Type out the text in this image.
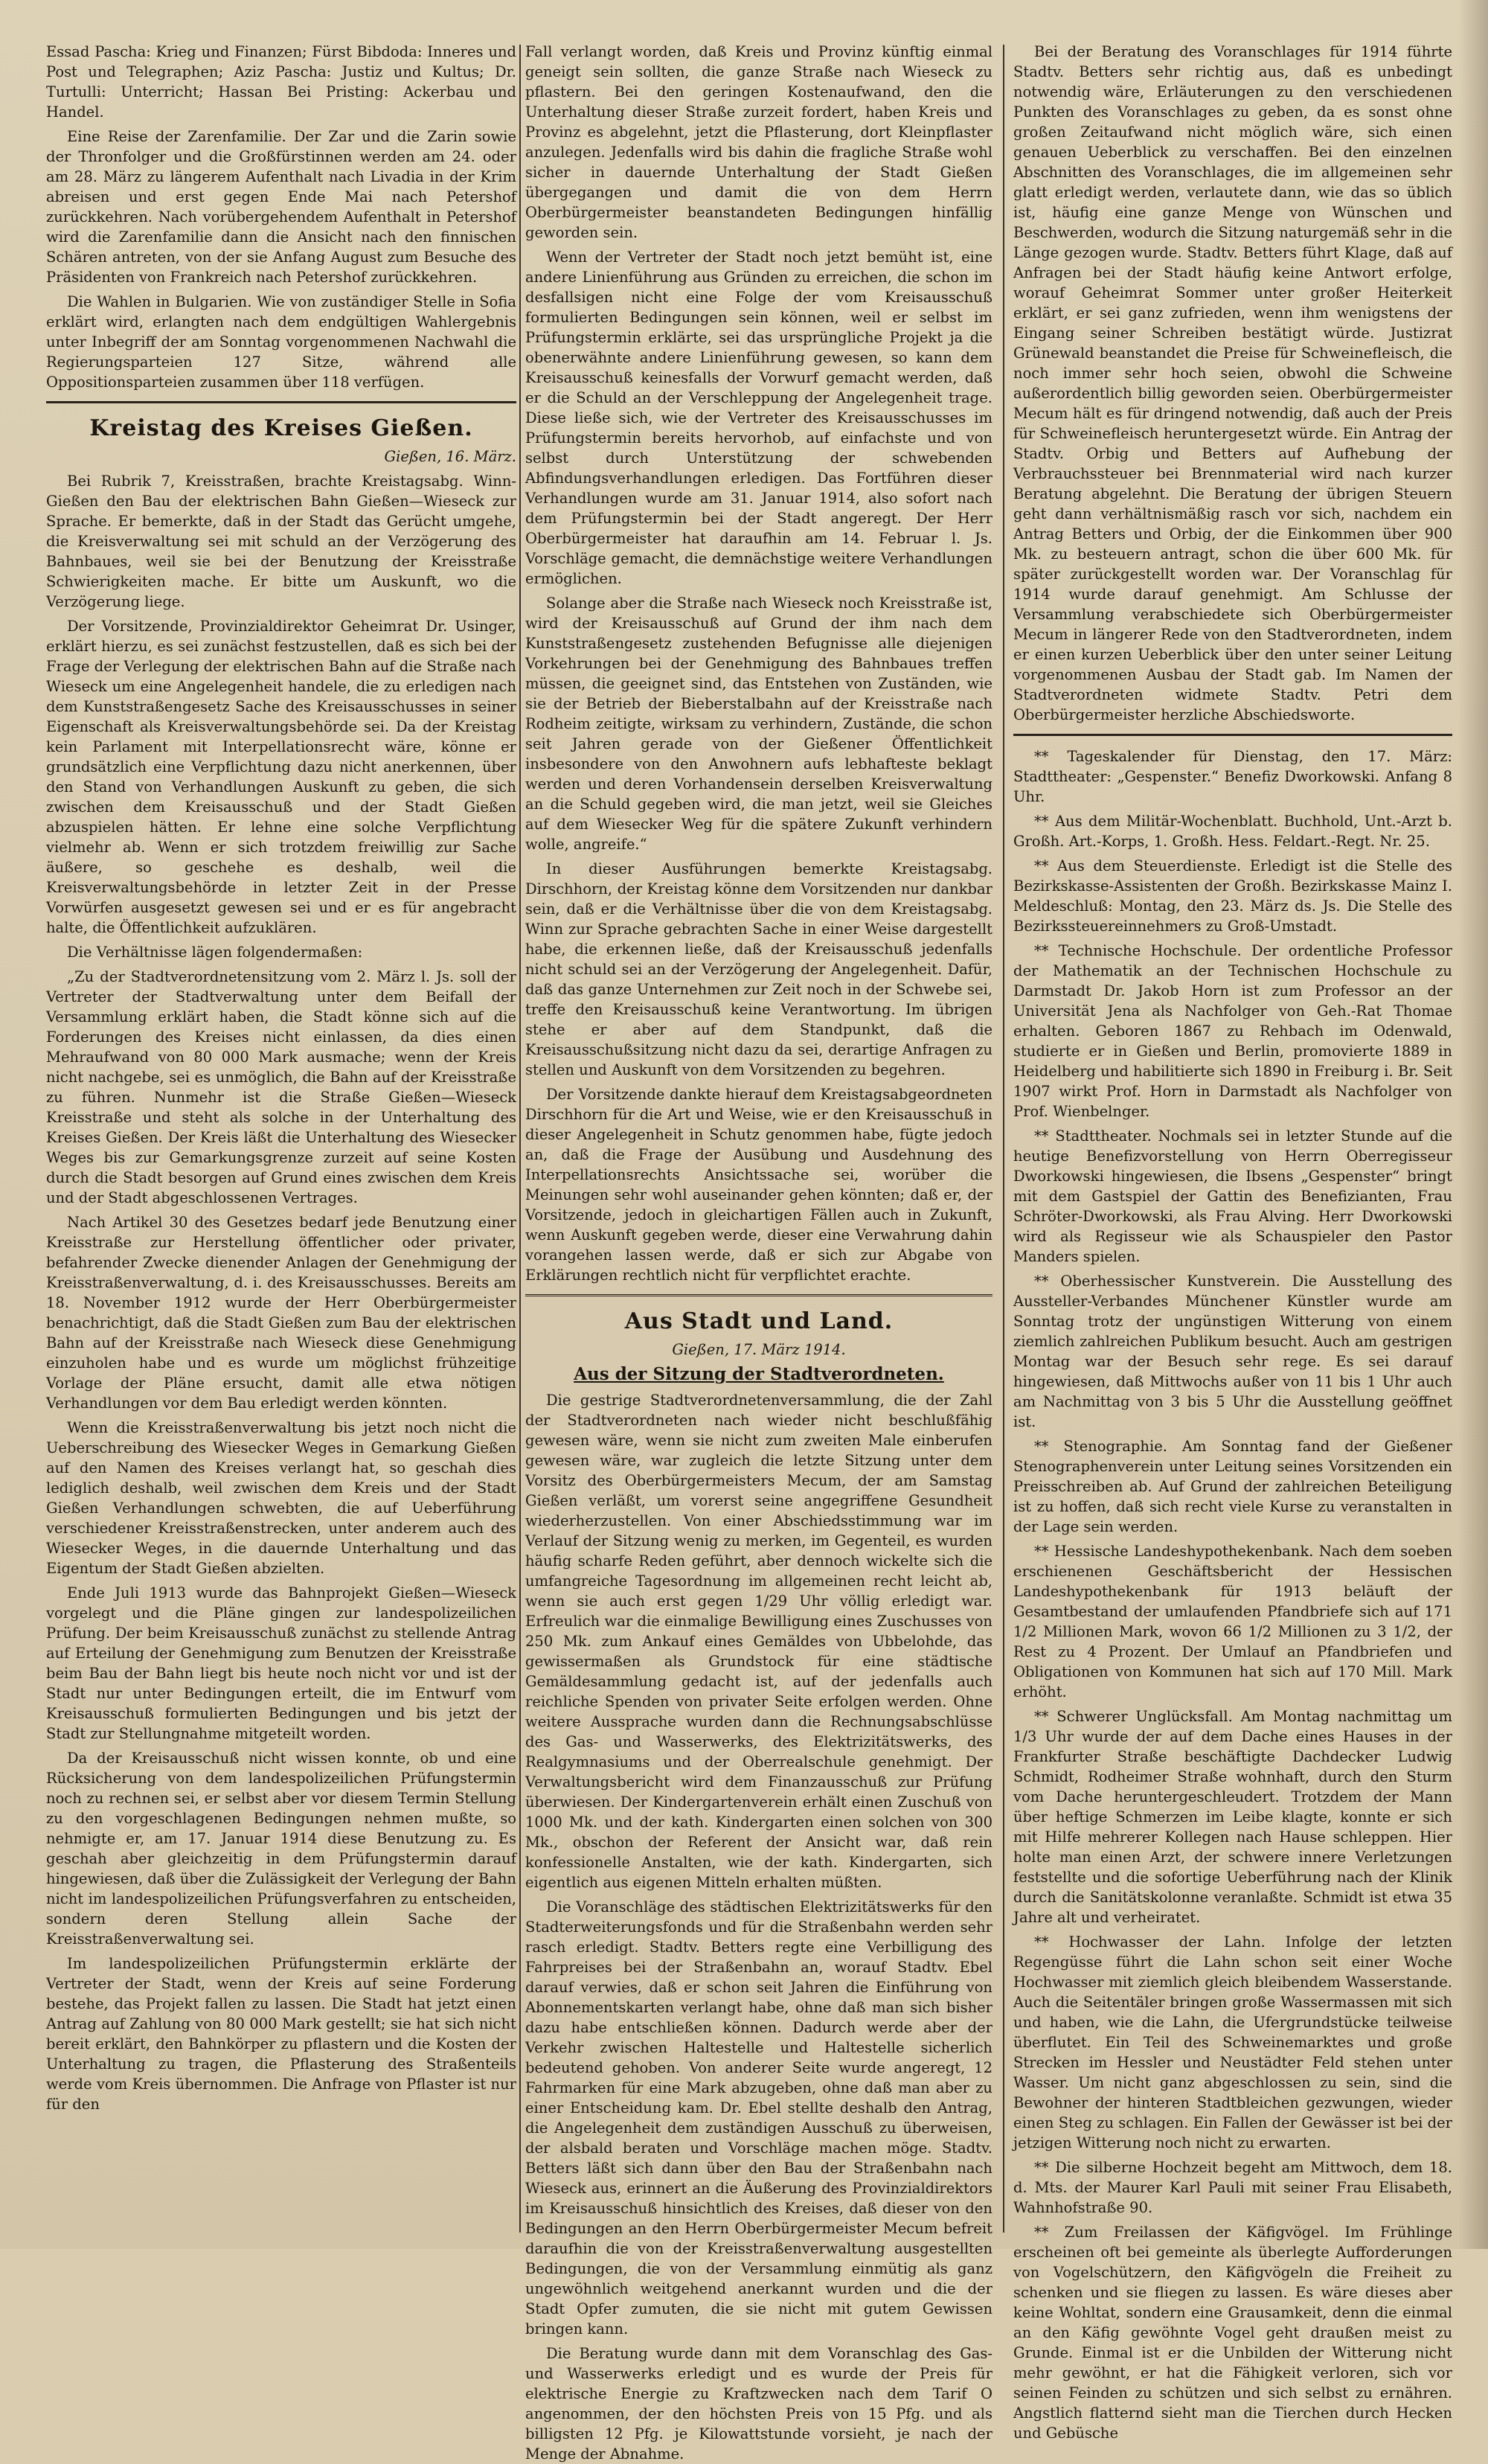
Essad Pascha: Krieg und Finanzen; Fürst Bibdoda: Inneres und Post und Telegraphen; Aziz Pascha: Justiz und Kultus; Dr. Turtulli: Unterricht; Hassan Bei Pristing: Ackerbau und Handel.

Eine Reise der Zarenfamilie. Der Zar und die Zarin sowie der Thronfolger und die Großfürstinnen werden am 24. oder am 28. März zu längerem Aufenthalt nach Livadia in der Krim abreisen und erst gegen Ende Mai nach Petershof zurückkehren. Nach vorübergehendem Aufenthalt in Petershof wird die Zarenfamilie dann die Ansicht nach den finnischen Schären antreten, von der sie Anfang August zum Besuche des Präsidenten von Frankreich nach Petershof zurückkehren.

Die Wahlen in Bulgarien. Wie von zuständiger Stelle in Sofia erklärt wird, erlangten nach dem endgültigen Wahlergebnis unter Inbegriff der am Sonntag vorgenommenen Nachwahl die Regierungsparteien 127 Sitze, während alle Oppositionsparteien zusammen über 118 verfügen.

Kreistag des Kreises Gießen.
Gießen, 16. März.

Bei Rubrik 7, Kreisstraßen, brachte Kreistagsabg. Winn-Gießen den Bau der elektrischen Bahn Gießen—Wieseck zur Sprache. Er bemerkte, daß in der Stadt das Gerücht umgehe, die Kreisverwaltung sei mit schuld an der Verzögerung des Bahnbaues, weil sie bei der Benutzung der Kreisstraße Schwierigkeiten mache. Er bitte um Auskunft, wo die Verzögerung liege.

Der Vorsitzende, Provinzialdirektor Geheimrat Dr. Usinger, erklärt hierzu, es sei zunächst festzustellen, daß es sich bei der Frage der Verlegung der elektrischen Bahn auf die Straße nach Wieseck um eine Angelegenheit handele, die zu erledigen nach dem Kunststraßengesetz Sache des Kreisausschusses in seiner Eigenschaft als Kreisverwaltungsbehörde sei. Da der Kreistag kein Parlament mit Interpellationsrecht wäre, könne er grundsätzlich eine Verpflichtung dazu nicht anerkennen, über den Stand von Verhandlungen Auskunft zu geben, die sich zwischen dem Kreisausschuß und der Stadt Gießen abzuspielen hätten. Er lehne eine solche Verpflichtung vielmehr ab. Wenn er sich trotzdem freiwillig zur Sache äußere, so geschehe es deshalb, weil die Kreisverwaltungsbehörde in letzter Zeit in der Presse Vorwürfen ausgesetzt gewesen sei und er es für angebracht halte, die Öffentlichkeit aufzuklären.

Die Verhältnisse lägen folgendermaßen:

„Zu der Stadtverordnetensitzung vom 2. März l. Js. soll der Vertreter der Stadtverwaltung unter dem Beifall der Versammlung erklärt haben, die Stadt könne sich auf die Forderungen des Kreises nicht einlassen, da dies einen Mehraufwand von 80 000 Mark ausmache; wenn der Kreis nicht nachgebe, sei es unmöglich, die Bahn auf der Kreisstraße zu führen. Nunmehr ist die Straße Gießen—Wieseck Kreisstraße und steht als solche in der Unterhaltung des Kreises Gießen. Der Kreis läßt die Unterhaltung des Wiesecker Weges bis zur Gemarkungsgrenze zurzeit auf seine Kosten durch die Stadt besorgen auf Grund eines zwischen dem Kreis und der Stadt abgeschlossenen Vertrages.

Nach Artikel 30 des Gesetzes bedarf jede Benutzung einer Kreisstraße zur Herstellung öffentlicher oder privater, befahrender Zwecke dienender Anlagen der Genehmigung der Kreisstraßenverwaltung, d. i. des Kreisausschusses. Bereits am 18. November 1912 wurde der Herr Oberbürgermeister benachrichtigt, daß die Stadt Gießen zum Bau der elektrischen Bahn auf der Kreisstraße nach Wieseck diese Genehmigung einzuholen habe und es wurde um möglichst frühzeitige Vorlage der Pläne ersucht, damit alle etwa nötigen Verhandlungen vor dem Bau erledigt werden könnten.

Wenn die Kreisstraßenverwaltung bis jetzt noch nicht die Ueberschreibung des Wiesecker Weges in Gemarkung Gießen auf den Namen des Kreises verlangt hat, so geschah dies lediglich deshalb, weil zwischen dem Kreis und der Stadt Gießen Verhandlungen schwebten, die auf Ueberführung verschiedener Kreisstraßenstrecken, unter anderem auch des Wiesecker Weges, in die dauernde Unterhaltung und das Eigentum der Stadt Gießen abzielten.

Ende Juli 1913 wurde das Bahnprojekt Gießen—Wieseck vorgelegt und die Pläne gingen zur landespolizeilichen Prüfung. Der beim Kreisausschuß zunächst zu stellende Antrag auf Erteilung der Genehmigung zum Benutzen der Kreisstraße beim Bau der Bahn liegt bis heute noch nicht vor und ist der Stadt nur unter Bedingungen erteilt, die im Entwurf vom Kreisausschuß formulierten Bedingungen und bis jetzt der Stadt zur Stellungnahme mitgeteilt worden.

Da der Kreisausschuß nicht wissen konnte, ob und eine Rücksicherung von dem landespolizeilichen Prüfungstermin noch zu rechnen sei, er selbst aber vor diesem Termin Stellung zu den vorgeschlagenen Bedingungen nehmen mußte, so nehmigte er, am 17. Januar 1914 diese Benutzung zu. Es geschah aber gleichzeitig in dem Prüfungstermin darauf hingewiesen, daß über die Zulässigkeit der Verlegung der Bahn nicht im landespolizeilichen Prüfungsverfahren zu entscheiden, sondern deren Stellung allein Sache der Kreisstraßenverwaltung sei.

Im landespolizeilichen Prüfungstermin erklärte der Vertreter der Stadt, wenn der Kreis auf seine Forderung bestehe, das Projekt fallen zu lassen. Die Stadt hat jetzt einen Antrag auf Zahlung von 80 000 Mark gestellt; sie hat sich nicht bereit erklärt, den Bahnkörper zu pflastern und die Kosten der Unterhaltung zu tragen, die Pflasterung des Straßenteils werde vom Kreis übernommen. Die Anfrage von Pflaster ist nur für den

Fall verlangt worden, daß Kreis und Provinz künftig einmal geneigt sein sollten, die ganze Straße nach Wieseck zu pflastern. Bei den geringen Kostenaufwand, den die Unterhaltung dieser Straße zurzeit fordert, haben Kreis und Provinz es abgelehnt, jetzt die Pflasterung, dort Kleinpflaster anzulegen. Jedenfalls wird bis dahin die fragliche Straße wohl sicher in dauernde Unterhaltung der Stadt Gießen übergegangen und damit die von dem Herrn Oberbürgermeister beanstandeten Bedingungen hinfällig geworden sein.

Wenn der Vertreter der Stadt noch jetzt bemüht ist, eine andere Linienführung aus Gründen zu erreichen, die schon im desfallsigen nicht eine Folge der vom Kreisausschuß formulierten Bedingungen sein können, weil er selbst im Prüfungstermin erklärte, sei das ursprüngliche Projekt ja die obenerwähnte andere Linienführung gewesen, so kann dem Kreisausschuß keinesfalls der Vorwurf gemacht werden, daß er die Schuld an der Verschleppung der Angelegenheit trage. Diese ließe sich, wie der Vertreter des Kreisausschusses im Prüfungstermin bereits hervorhob, auf einfachste und von selbst durch Unterstützung der schwebenden Abfindungsverhandlungen erledigen. Das Fortführen dieser Verhandlungen wurde am 31. Januar 1914, also sofort nach dem Prüfungstermin bei der Stadt angeregt. Der Herr Oberbürgermeister hat daraufhin am 14. Februar l. Js. Vorschläge gemacht, die demnächstige weitere Verhandlungen ermöglichen.

Solange aber die Straße nach Wieseck noch Kreisstraße ist, wird der Kreisausschuß auf Grund der ihm nach dem Kunststraßengesetz zustehenden Befugnisse alle diejenigen Vorkehrungen bei der Genehmigung des Bahnbaues treffen müssen, die geeignet sind, das Entstehen von Zuständen, wie sie der Betrieb der Bieberstalbahn auf der Kreisstraße nach Rodheim zeitigte, wirksam zu verhindern, Zustände, die schon seit Jahren gerade von der Gießener Öffentlichkeit insbesondere von den Anwohnern aufs lebhafteste beklagt werden und deren Vorhandensein derselben Kreisverwaltung an die Schuld gegeben wird, die man jetzt, weil sie Gleiches auf dem Wiesecker Weg für die spätere Zukunft verhindern wolle, angreife.“

In dieser Ausführungen bemerkte Kreistagsabg. Dirschhorn, der Kreistag könne dem Vorsitzenden nur dankbar sein, daß er die Verhältnisse über die von dem Kreistagsabg. Winn zur Sprache gebrachten Sache in einer Weise dargestellt habe, die erkennen ließe, daß der Kreisausschuß jedenfalls nicht schuld sei an der Verzögerung der Angelegenheit. Dafür, daß das ganze Unternehmen zur Zeit noch in der Schwebe sei, treffe den Kreisausschuß keine Verantwortung. Im übrigen stehe er aber auf dem Standpunkt, daß die Kreisausschußsitzung nicht dazu da sei, derartige Anfragen zu stellen und Auskunft von dem Vorsitzenden zu begehren.

Der Vorsitzende dankte hierauf dem Kreistagsabgeordneten Dirschhorn für die Art und Weise, wie er den Kreisausschuß in dieser Angelegenheit in Schutz genommen habe, fügte jedoch an, daß die Frage der Ausübung und Ausdehnung des Interpellationsrechts Ansichtssache sei, worüber die Meinungen sehr wohl auseinander gehen könnten; daß er, der Vorsitzende, jedoch in gleichartigen Fällen auch in Zukunft, wenn Auskunft gegeben werde, dieser eine Verwahrung dahin vorangehen lassen werde, daß er sich zur Abgabe von Erklärungen rechtlich nicht für verpflichtet erachte.

Aus Stadt und Land.
Gießen, 17. März 1914.
Aus der Sitzung der Stadtverordneten.

Die gestrige Stadtverordnetenversammlung, die der Zahl der Stadtverordneten nach wieder nicht beschlußfähig gewesen wäre, wenn sie nicht zum zweiten Male einberufen gewesen wäre, war zugleich die letzte Sitzung unter dem Vorsitz des Oberbürgermeisters Mecum, der am Samstag Gießen verläßt, um vorerst seine angegriffene Gesundheit wiederherzustellen. Von einer Abschiedsstimmung war im Verlauf der Sitzung wenig zu merken, im Gegenteil, es wurden häufig scharfe Reden geführt, aber dennoch wickelte sich die umfangreiche Tagesordnung im allgemeinen recht leicht ab, wenn sie auch erst gegen 1/29 Uhr völlig erledigt war. Erfreulich war die einmalige Bewilligung eines Zuschusses von 250 Mk. zum Ankauf eines Gemäldes von Ubbelohde, das gewissermaßen als Grundstock für eine städtische Gemäldesammlung gedacht ist, auf der jedenfalls auch reichliche Spenden von privater Seite erfolgen werden. Ohne weitere Aussprache wurden dann die Rechnungsabschlüsse des Gas- und Wasserwerks, des Elektrizitätswerks, des Realgymnasiums und der Oberrealschule genehmigt. Der Verwaltungsbericht wird dem Finanzausschuß zur Prüfung überwiesen. Der Kindergartenverein erhält einen Zuschuß von 1000 Mk. und der kath. Kindergarten einen solchen von 300 Mk., obschon der Referent der Ansicht war, daß rein konfessionelle Anstalten, wie der kath. Kindergarten, sich eigentlich aus eigenen Mitteln erhalten müßten.

Die Voranschläge des städtischen Elektrizitätswerks für den Stadterweiterungsfonds und für die Straßenbahn werden sehr rasch erledigt. Stadtv. Betters regte eine Verbilligung des Fahrpreises bei der Straßenbahn an, worauf Stadtv. Ebel darauf verwies, daß er schon seit Jahren die Einführung von Abonnementskarten verlangt habe, ohne daß man sich bisher dazu habe entschließen können. Dadurch werde aber der Verkehr zwischen Haltestelle und Haltestelle sicherlich bedeutend gehoben. Von anderer Seite wurde angeregt, 12 Fahrmarken für eine Mark abzugeben, ohne daß man aber zu einer Entscheidung kam. Dr. Ebel stellte deshalb den Antrag, die Angelegenheit dem zuständigen Ausschuß zu überweisen, der alsbald beraten und Vorschläge machen möge. Stadtv. Betters läßt sich dann über den Bau der Straßenbahn nach Wieseck aus, erinnert an die Äußerung des Provinzialdirektors im Kreisausschuß hinsichtlich des Kreises, daß dieser von den Bedingungen an den Herrn Oberbürgermeister Mecum befreit daraufhin die von der Kreisstraßenverwaltung ausgestellten Bedingungen, die von der Versammlung einmütig als ganz ungewöhnlich weitgehend anerkannt wurden und die der Stadt Opfer zumuten, die sie nicht mit gutem Gewissen bringen kann.

Die Beratung wurde dann mit dem Voranschlag des Gas- und Wasserwerks erledigt und es wurde der Preis für elektrische Energie zu Kraftzwecken nach dem Tarif O angenommen, der den höchsten Preis von 15 Pfg. und als billigsten 12 Pfg. je Kilowattstunde vorsieht, je nach der Menge der Abnahme.

Bei der Beratung des Voranschlages für 1914 führte Stadtv. Betters sehr richtig aus, daß es unbedingt notwendig wäre, Erläuterungen zu den verschiedenen Punkten des Voranschlages zu geben, da es sonst ohne großen Zeitaufwand nicht möglich wäre, sich einen genauen Ueberblick zu verschaffen. Bei den einzelnen Abschnitten des Voranschlages, die im allgemeinen sehr glatt erledigt werden, verlautete dann, wie das so üblich ist, häufig eine ganze Menge von Wünschen und Beschwerden, wodurch die Sitzung naturgemäß sehr in die Länge gezogen wurde. Stadtv. Betters führt Klage, daß auf Anfragen bei der Stadt häufig keine Antwort erfolge, worauf Geheimrat Sommer unter großer Heiterkeit erklärt, er sei ganz zufrieden, wenn ihm wenigstens der Eingang seiner Schreiben bestätigt würde. Justizrat Grünewald beanstandet die Preise für Schweinefleisch, die noch immer sehr hoch seien, obwohl die Schweine außerordentlich billig geworden seien. Oberbürgermeister Mecum hält es für dringend notwendig, daß auch der Preis für Schweinefleisch heruntergesetzt würde. Ein Antrag der Stadtv. Orbig und Betters auf Aufhebung der Verbrauchssteuer bei Brennmaterial wird nach kurzer Beratung abgelehnt. Die Beratung der übrigen Steuern geht dann verhältnismäßig rasch vor sich, nachdem ein Antrag Betters und Orbig, der die Einkommen über 900 Mk. zu besteuern antragt, schon die über 600 Mk. für später zurückgestellt worden war. Der Voranschlag für 1914 wurde darauf genehmigt. Am Schlusse der Versammlung verabschiedete sich Oberbürgermeister Mecum in längerer Rede von den Stadtverordneten, indem er einen kurzen Ueberblick über den unter seiner Leitung vorgenommenen Ausbau der Stadt gab. Im Namen der Stadtverordneten widmete Stadtv. Petri dem Oberbürgermeister herzliche Abschiedsworte.

** Tageskalender für Dienstag, den 17. März: Stadttheater: „Gespenster.“ Benefiz Dworkowski. Anfang 8 Uhr.

** Aus dem Militär-Wochenblatt. Buchhold, Unt.-Arzt b. Großh. Art.-Korps, 1. Großh. Hess. Feldart.-Regt. Nr. 25.

** Aus dem Steuerdienste. Erledigt ist die Stelle des Bezirkskasse-Assistenten der Großh. Bezirkskasse Mainz I. Meldeschluß: Montag, den 23. März ds. Js. Die Stelle des Bezirkssteuereinnehmers zu Groß-Umstadt.

** Technische Hochschule. Der ordentliche Professor der Mathematik an der Technischen Hochschule zu Darmstadt Dr. Jakob Horn ist zum Professor an der Universität Jena als Nachfolger von Geh.-Rat Thomae erhalten. Geboren 1867 zu Rehbach im Odenwald, studierte er in Gießen und Berlin, promovierte 1889 in Heidelberg und habilitierte sich 1890 in Freiburg i. Br. Seit 1907 wirkt Prof. Horn in Darmstadt als Nachfolger von Prof. Wienbelnger.

** Stadttheater. Nochmals sei in letzter Stunde auf die heutige Benefizvorstellung von Herrn Oberregisseur Dworkowski hingewiesen, die Ibsens „Gespenster“ bringt mit dem Gastspiel der Gattin des Benefizianten, Frau Schröter-Dworkowski, als Frau Alving. Herr Dworkowski wird als Regisseur wie als Schauspieler den Pastor Manders spielen.

** Oberhessischer Kunstverein. Die Ausstellung des Aussteller-Verbandes Münchener Künstler wurde am Sonntag trotz der ungünstigen Witterung von einem ziemlich zahlreichen Publikum besucht. Auch am gestrigen Montag war der Besuch sehr rege. Es sei darauf hingewiesen, daß Mittwochs außer von 11 bis 1 Uhr auch am Nachmittag von 3 bis 5 Uhr die Ausstellung geöffnet ist.

** Stenographie. Am Sonntag fand der Gießener Stenographenverein unter Leitung seines Vorsitzenden ein Preisschreiben ab. Auf Grund der zahlreichen Beteiligung ist zu hoffen, daß sich recht viele Kurse zu veranstalten in der Lage sein werden.

** Hessische Landeshypothekenbank. Nach dem soeben erschienenen Geschäftsbericht der Hessischen Landeshypothekenbank für 1913 beläuft der Gesamtbestand der umlaufenden Pfandbriefe sich auf 171 1/2 Millionen Mark, wovon 66 1/2 Millionen zu 3 1/2, der Rest zu 4 Prozent. Der Umlauf an Pfandbriefen und Obligationen von Kommunen hat sich auf 170 Mill. Mark erhöht.

** Schwerer Unglücksfall. Am Montag nachmittag um 1/3 Uhr wurde der auf dem Dache eines Hauses in der Frankfurter Straße beschäftigte Dachdecker Ludwig Schmidt, Rodheimer Straße wohnhaft, durch den Sturm vom Dache heruntergeschleudert. Trotzdem der Mann über heftige Schmerzen im Leibe klagte, konnte er sich mit Hilfe mehrerer Kollegen nach Hause schleppen. Hier holte man einen Arzt, der schwere innere Verletzungen feststellte und die sofortige Ueberführung nach der Klinik durch die Sanitätskolonne veranlaßte. Schmidt ist etwa 35 Jahre alt und verheiratet.

** Hochwasser der Lahn. Infolge der letzten Regengüsse führt die Lahn schon seit einer Woche Hochwasser mit ziemlich gleich bleibendem Wasserstande. Auch die Seitentäler bringen große Wassermassen mit sich und haben, wie die Lahn, die Ufergrundstücke teilweise überflutet. Ein Teil des Schweinemarktes und große Strecken im Hessler und Neustädter Feld stehen unter Wasser. Um nicht ganz abgeschlossen zu sein, sind die Bewohner der hinteren Stadtbleichen gezwungen, wieder einen Steg zu schlagen. Ein Fallen der Gewässer ist bei der jetzigen Witterung noch nicht zu erwarten.

** Die silberne Hochzeit begeht am Mittwoch, dem 18. d. Mts. der Maurer Karl Pauli mit seiner Frau Elisabeth, Wahnhofstraße 90.

** Zum Freilassen der Käfigvögel. Im Frühlinge erscheinen oft bei gemeinte als überlegte Aufforderungen von Vogelschützern, den Käfigvögeln die Freiheit zu schenken und sie fliegen zu lassen. Es wäre dieses aber keine Wohltat, sondern eine Grausamkeit, denn die einmal an den Käfig gewöhnte Vogel geht draußen meist zu Grunde. Einmal ist er die Unbilden der Witterung nicht mehr gewöhnt, er hat die Fähigkeit verloren, sich vor seinen Feinden zu schützen und sich selbst zu ernähren. Angstlich flatternd sieht man die Tierchen durch Hecken und Gebüsche
